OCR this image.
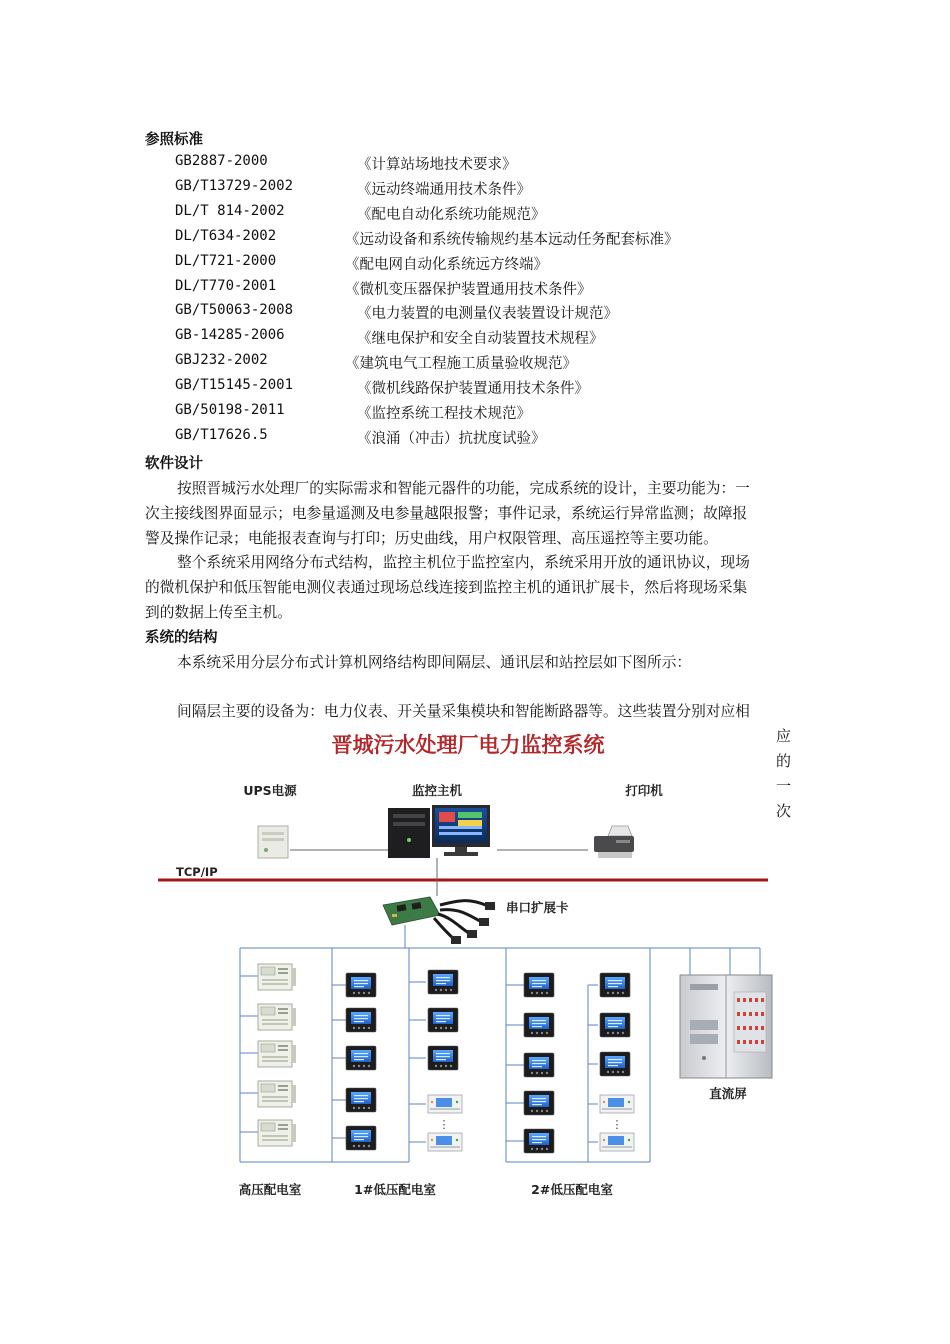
参照标准
GB2887-2000	《计算站场地技术要求》
GB/T13729-2002	《远动终端通用技术条件》
DL/T 814-2002	《配电自动化系统功能规范》
DL/T634-2002	《远动设备和系统传输规约基本远动任务配套标准》
DL/T721-2000	《配电网自动化系统远方终端》
DL/T770-2001	《微机变压器保护装置通用技术条件》
GB/T50063-2008	《电力装置的电测量仪表装置设计规范》
GB-14285-2006	《继电保护和安全自动装置技术规程》
GBJ232-2002	《建筑电气工程施工质量验收规范》
GB/T15145-2001	《微机线路保护装置通用技术条件》
GB/50198-2011	《监控系统工程技术规范》
GB/T17626.5	《浪涌（冲击）抗扰度试验》
软件设计
按照晋城污水处理厂的实际需求和智能元器件的功能，完成系统的设计，主要功能为：一
次主接线图界面显示；电参量遥测及电参量越限报警；事件记录，系统运行异常监测；故障报
警及操作记录；电能报表查询与打印；历史曲线，用户权限管理、高压遥控等主要功能。
整个系统采用网络分布式结构，监控主机位于监控室内，系统采用开放的通讯协议，现场
的微机保护和低压智能电测仪表通过现场总线连接到监控主机的通讯扩展卡，然后将现场采集
到的数据上传至主机。
系统的结构
本系统采用分层分布式计算机网络结构即间隔层、通讯层和站控层如下图所示：
间隔层主要的设备为：电力仪表、开关量采集模块和智能断路器等。这些装置分别对应相
应
的
一
次
晋城污水处理厂电力监控系统
UPS电源	监控主机	打印机
TCP/IP
串口扩展卡
⋮	⋮
直流屏
高压配电室	1#低压配电室	2#低压配电室
